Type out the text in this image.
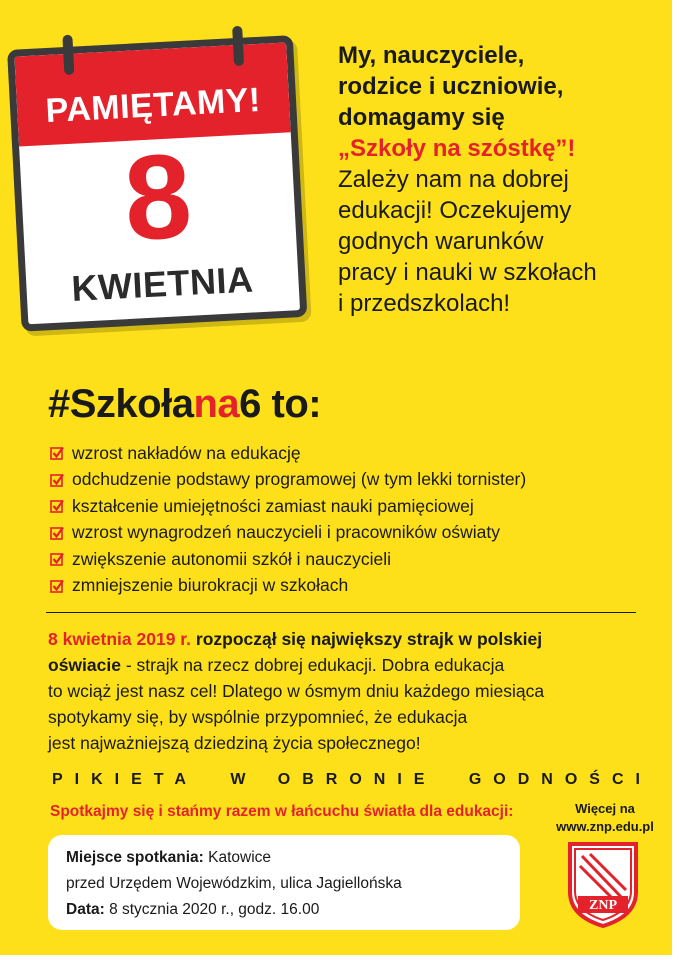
PAMIĘTAMY!
8
KWIETNIA
My, nauczyciele,
rodzice i uczniowie,
domagamy się
„Szkoły na szóstkę”!
Zależy nam na dobrej
edukacji! Oczekujemy
godnych warunków
pracy i nauki w szkołach
i przedszkolach!
#Szkołana6 to:
wzrost nakładów na edukację
odchudzenie podstawy programowej (w tym lekki tornister)
kształcenie umiejętności zamiast nauki pamięciowej
wzrost wynagrodzeń nauczycieli i pracowników oświaty
zwiększenie autonomii szkół i nauczycieli
zmniejszenie biurokracji w szkołach
8 kwietnia 2019 r. rozpoczął się największy strajk w polskiej
oświacie - strajk na rzecz dobrej edukacji. Dobra edukacja
to wciąż jest nasz cel! Dlatego w ósmym dniu każdego miesiąca
spotykamy się, by wspólnie przypomnieć, że edukacja
jest najważniejszą dziedziną życia społecznego!
PIKIETA W OBRONIE GODNOŚCI
Spotkajmy się i stańmy razem w łańcuchu światła dla edukacji:	Więcej na
www.znp.edu.pl
Miejsce spotkania: Katowice
przed Urzędem Wojewódzkim, ulica Jagiellońska
Data: 8 stycznia 2020 r., godz. 16.00	ZNP
